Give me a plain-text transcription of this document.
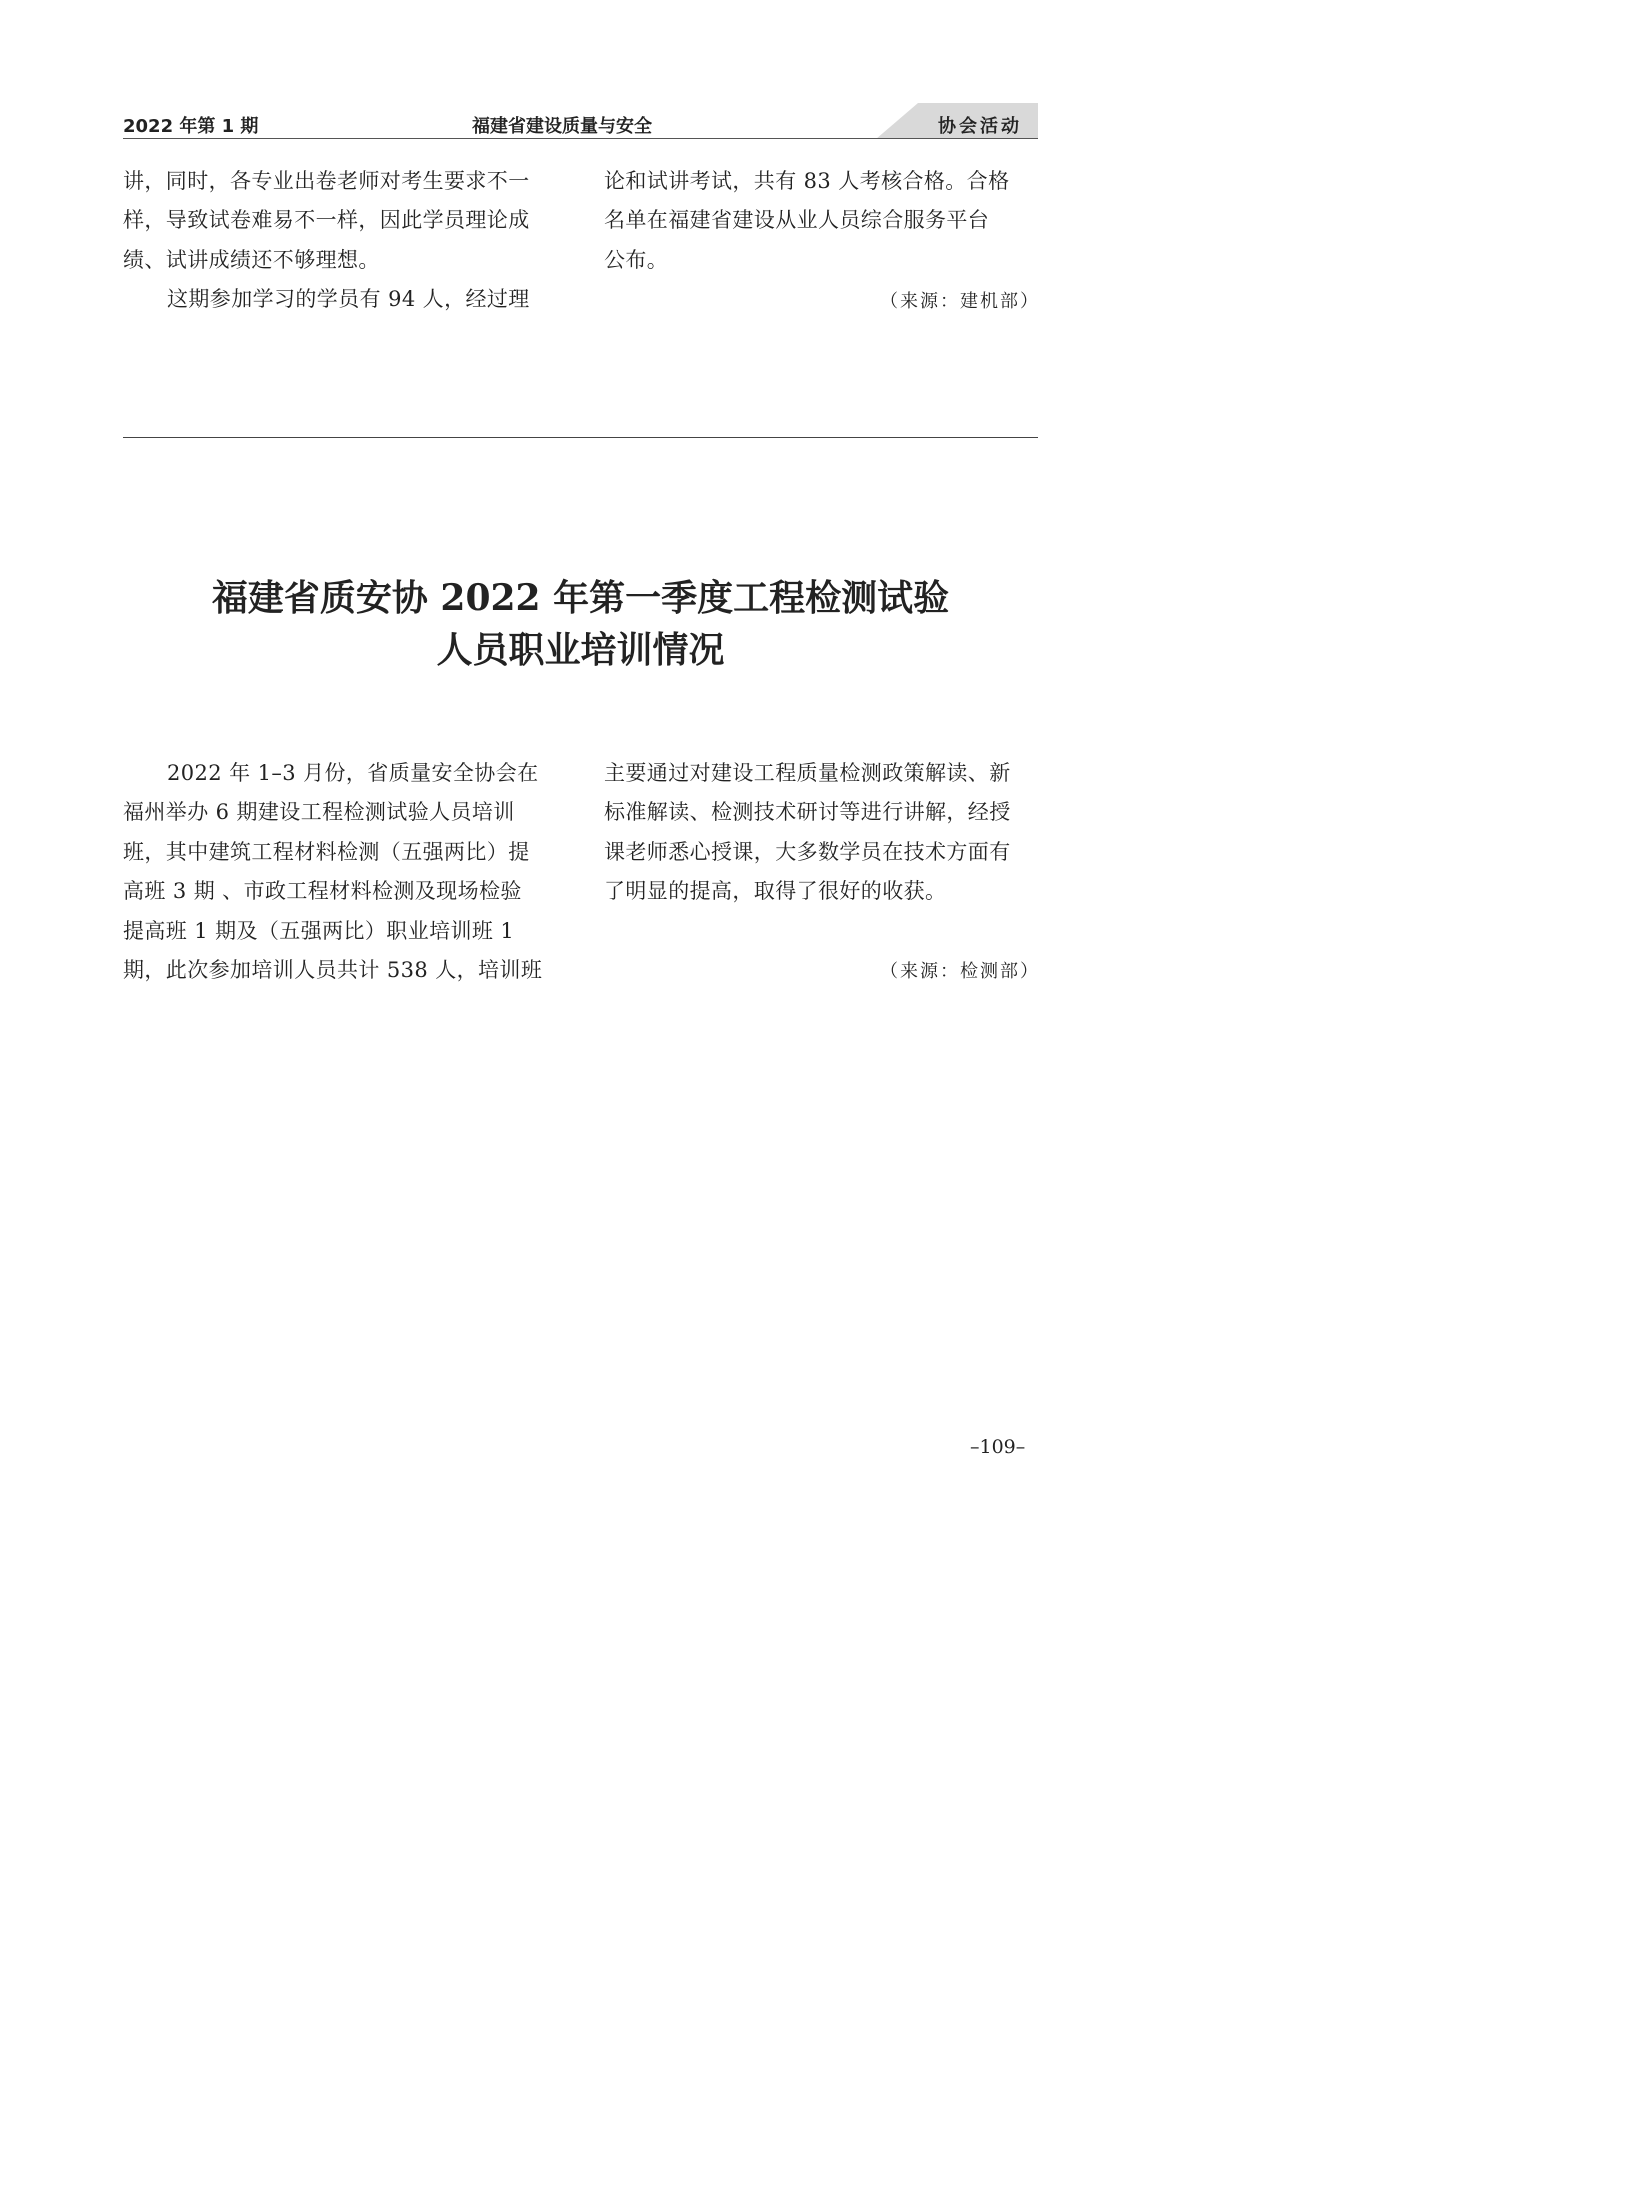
2022 年第 1 期	福建省建设质量与安全	协会活动
讲，同时，各专业出卷老师对考生要求不一
样，导致试卷难易不一样，因此学员理论成
绩、试讲成绩还不够理想。
这期参加学习的学员有 94 人，经过理
论和试讲考试，共有 83 人考核合格。合格
名单在福建省建设从业人员综合服务平台
公布。
（来源：建机部）
福建省质安协 2022 年第一季度工程检测试验
人员职业培训情况
2022 年 1–3 月份，省质量安全协会在
福州举办 6 期建设工程检测试验人员培训
班，其中建筑工程材料检测（五强两比）提
高班 3 期 、市政工程材料检测及现场检验
提高班 1 期及（五强两比）职业培训班 1
期，此次参加培训人员共计 538 人，培训班
主要通过对建设工程质量检测政策解读、新
标准解读、检测技术研讨等进行讲解，经授
课老师悉心授课，大多数学员在技术方面有
了明显的提高，取得了很好的收获。
（来源：检测部）
–109–
